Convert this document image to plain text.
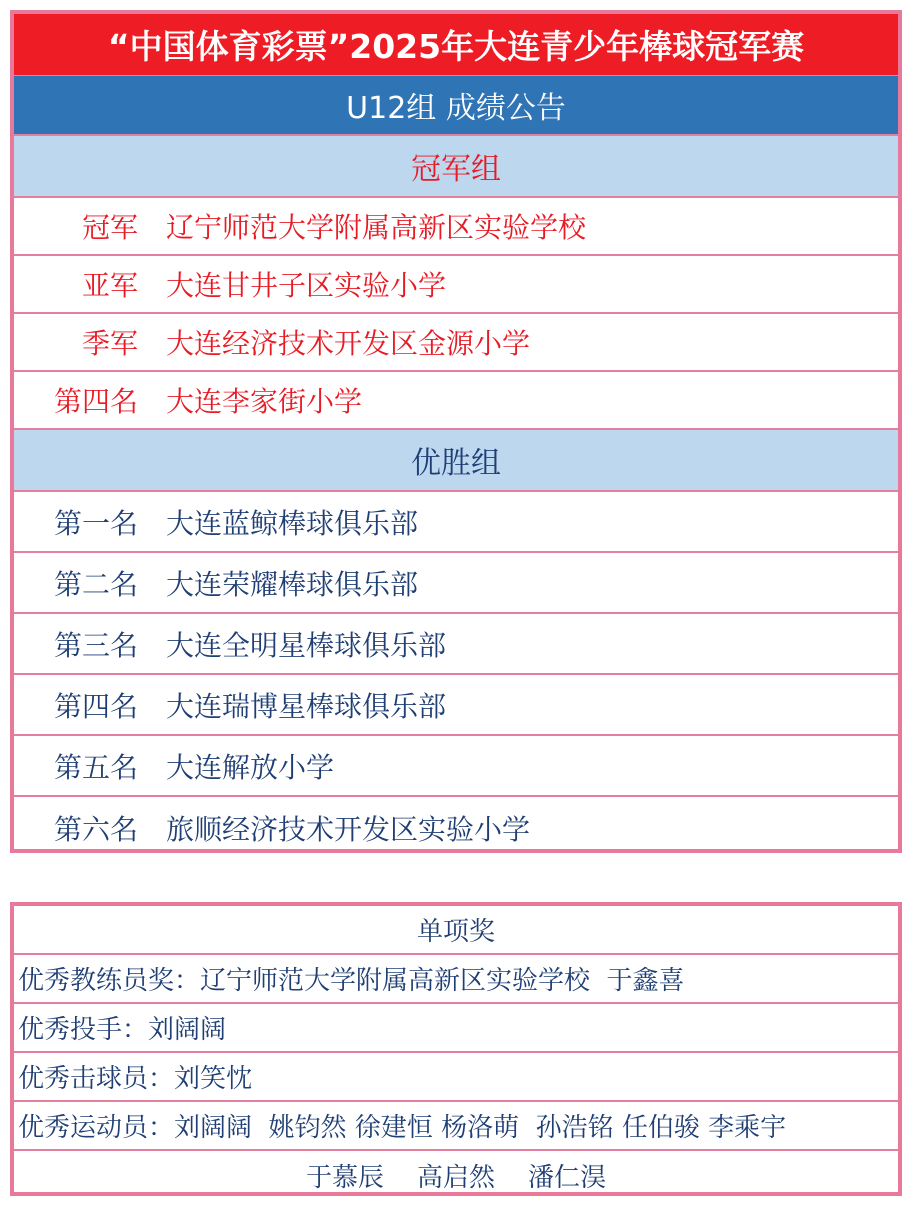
“中国体育彩票”2025年大连青少年棒球冠军赛
U12组 成绩公告
冠军组
冠军 辽宁师范大学附属高新区实验学校
亚军 大连甘井子区实验小学
季军 大连经济技术开发区金源小学
第四名 大连李家街小学
优胜组
第一名 大连蓝鲸棒球俱乐部
第二名 大连荣耀棒球俱乐部
第三名 大连全明星棒球俱乐部
第四名 大连瑞博星棒球俱乐部
第五名 大连解放小学
第六名 旅顺经济技术开发区实验小学
单项奖
优秀教练员奖： 辽宁师范大学附属高新区实验学校  于鑫喜
优秀投手： 刘阔阔
优秀击球员： 刘笑忱
优秀运动员： 刘阔阔  姚钧然 徐建恒 杨洛萌  孙浩铭 任伯骏 李乘宇
于慕辰    高启然    潘仁淏
